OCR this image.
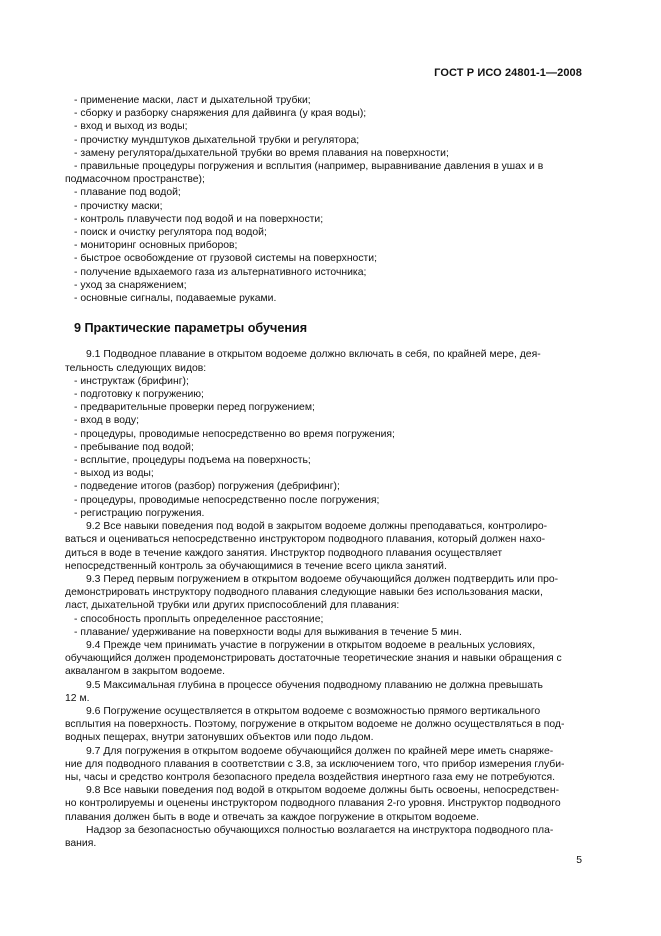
ГОСТ Р ИСО 24801-1—2008
- применение маски, ласт и дыхательной трубки;
- сборку и разборку снаряжения для дайвинга (у края воды);
- вход и выход из воды;
- прочистку мундштуков дыхательной трубки и регулятора;
- замену регулятора/дыхательной трубки во время плавания на поверхности;
- правильные процедуры погружения и всплытия (например, выравнивание давления в ушах и в
подмасочном пространстве);
- плавание под водой;
- прочистку маски;
- контроль плавучести под водой и на поверхности;
- поиск и очистку регулятора под водой;
- мониторинг основных приборов;
- быстрое освобождение от грузовой системы на поверхности;
- получение вдыхаемого газа из альтернативного источника;
- уход за снаряжением;
- основные сигналы, подаваемые руками.
9 Практические параметры обучения
9.1 Подводное плавание в открытом водоеме должно включать в себя, по крайней мере, дея-
тельность следующих видов:
- инструктаж (брифинг);
- подготовку к погружению;
- предварительные проверки перед погружением;
- вход в воду;
- процедуры, проводимые непосредственно во время погружения;
- пребывание под водой;
- всплытие, процедуры подъема на поверхность;
- выход из воды;
- подведение итогов (разбор) погружения (дебрифинг);
- процедуры, проводимые непосредственно после погружения;
- регистрацию погружения.
9.2 Все навыки поведения под водой в закрытом водоеме должны преподаваться, контролиро-
ваться и оцениваться непосредственно инструктором подводного плавания, который должен нахо-
диться в воде в течение каждого занятия. Инструктор подводного плавания осуществляет
непосредственный контроль за обучающимися в течение всего цикла занятий.
9.3 Перед первым погружением в открытом водоеме обучающийся должен подтвердить или про-
демонстрировать инструктору подводного плавания следующие навыки без использования маски,
ласт, дыхательной трубки или других приспособлений для плавания:
- способность проплыть определенное расстояние;
- плавание/ удерживание на поверхности воды для выживания в течение 5 мин.
9.4 Прежде чем принимать участие в погружении в открытом водоеме в реальных условиях,
обучающийся должен продемонстрировать достаточные теоретические знания и навыки обращения с
аквалангом в закрытом водоеме.
9.5 Максимальная глубина в процессе обучения подводному плаванию не должна превышать
12 м.
9.6 Погружение осуществляется в открытом водоеме с возможностью прямого вертикального
всплытия на поверхность. Поэтому, погружение в открытом водоеме не должно осуществляться в под-
водных пещерах, внутри затонувших объектов или подо льдом.
9.7 Для погружения в открытом водоеме обучающийся должен по крайней мере иметь снаряже-
ние для подводного плавания в соответствии с 3.8, за исключением того, что прибор измерения глуби-
ны, часы и средство контроля безопасного предела воздействия инертного газа ему не потребуются.
9.8 Все навыки поведения под водой в открытом водоеме должны быть освоены, непосредствен-
но контролируемы и оценены инструктором подводного плавания 2-го уровня. Инструктор подводного
плавания должен быть в воде и отвечать за каждое погружение в открытом водоеме.
Надзор за безопасностью обучающихся полностью возлагается на инструктора подводного пла-
вания.
5
